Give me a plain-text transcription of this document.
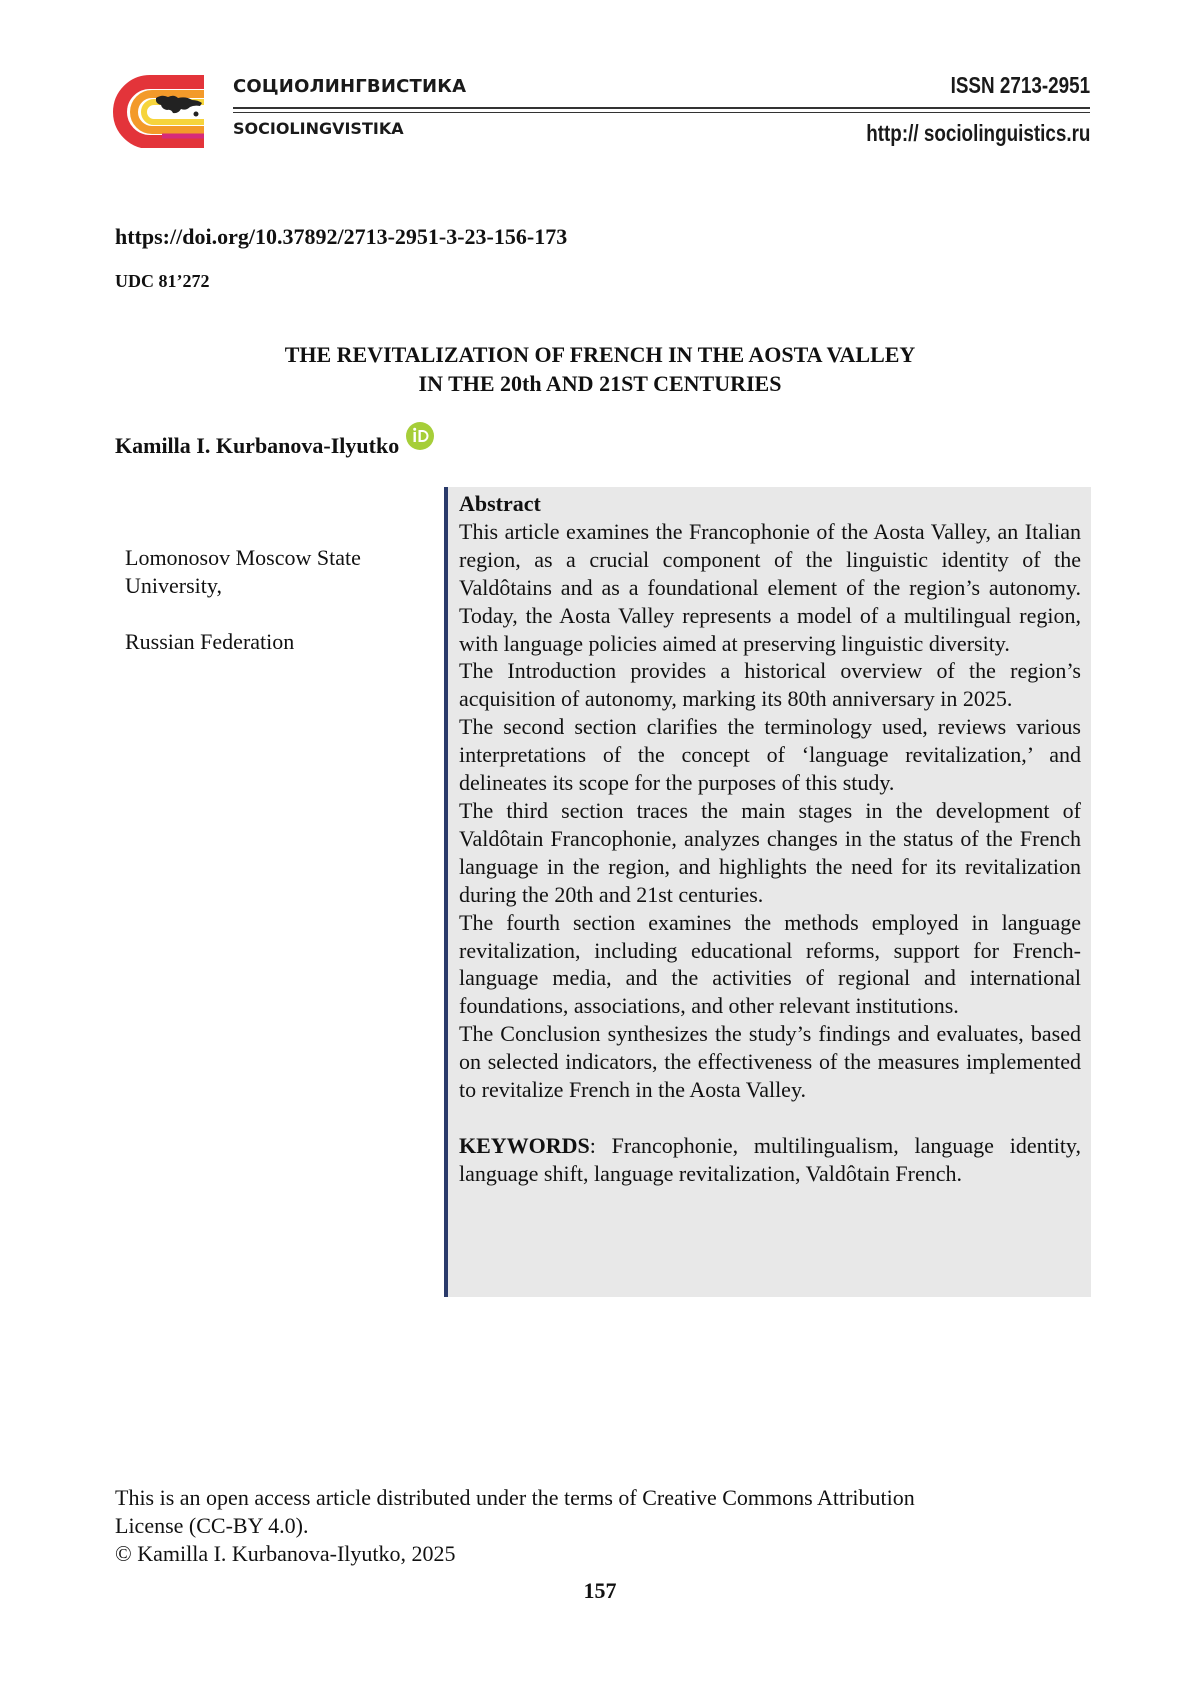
СОЦИОЛИНГВИСТИКА
SOCIOLINGVISTIKA
ISSN 2713-2951
http:// sociolinguistics.ru
https://doi.org/10.37892/2713-2951-3-23-156-173
UDC 81’272
THE REVITALIZATION OF FRENCH IN THE AOSTA VALLEY
IN THE 20th AND 21ST CENTURIES
Kamilla I. Kurbanova-Ilyutko
Lomonosov Moscow State
University,
Russian Federation
Abstract

This article examines the Francophonie of the Aosta Valley, an Italian region, as a crucial component of the linguistic identity of the Valdôtains and as a foundational element of the region’s autonomy. Today, the Aosta Valley represents a model of a multilingual region, with language policies aimed at preserving linguistic diversity.

The Introduction provides a historical overview of the region’s acquisition of autonomy, marking its 80th anniversary in 2025.

The second section clarifies the terminology used, reviews various interpretations of the concept of ‘language revitalization,’ and delineates its scope for the purposes of this study.

The third section traces the main stages in the development of Valdôtain Francophonie, analyzes changes in the status of the French language in the region, and highlights the need for its revitalization during the 20th and 21st centuries.

The fourth section examines the methods employed in language revitalization, including educational reforms, support for French-language media, and the activities of regional and international foundations, associations, and other relevant institutions.

The Conclusion synthesizes the study’s findings and evaluates, based on selected indicators, the effectiveness of the measures implemented to revitalize French in the Aosta Valley.

KEYWORDS: Francophonie, multilingualism, language identity, language shift, language revitalization, Valdôtain French.

This is an open access article distributed under the terms of Creative Commons Attribution
License (CC-BY 4.0).
© Kamilla I. Kurbanova-Ilyutko, 2025
157
